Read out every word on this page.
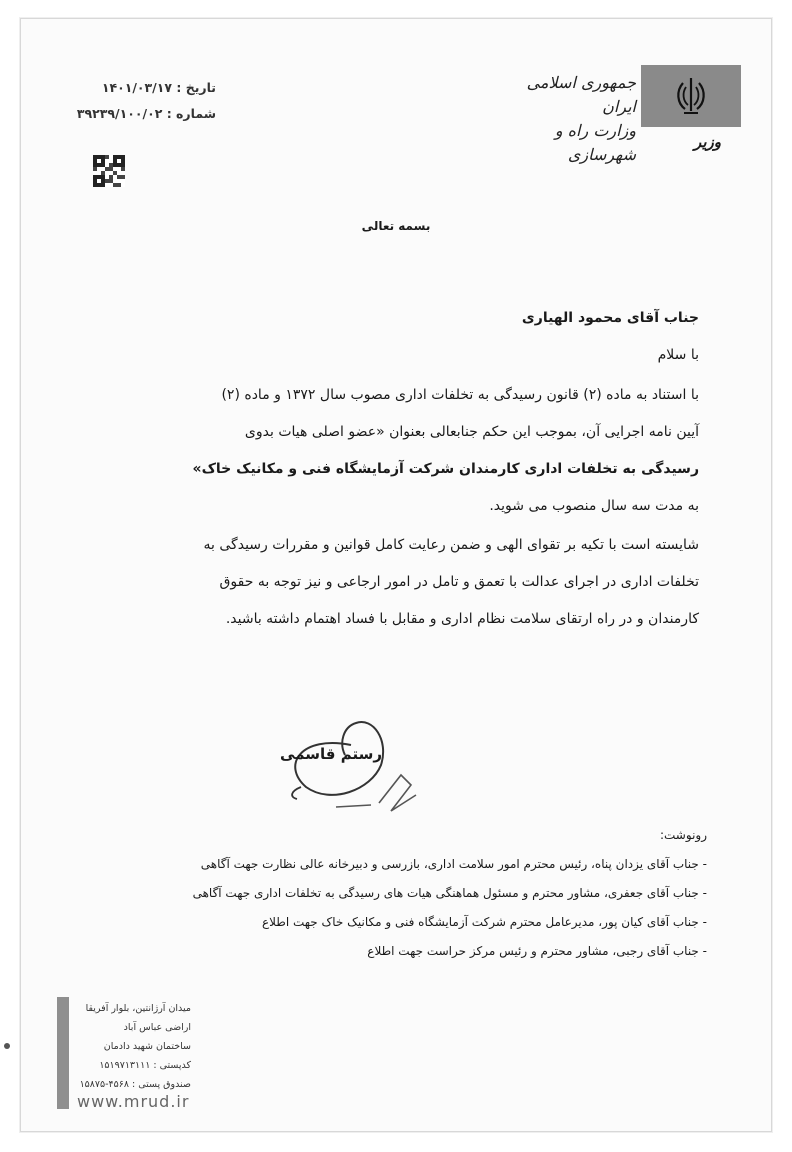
جمهوری اسلامی ایران
وزارت راه و شهرسازی
وزیر
تاریخ : ۱۴۰۱/۰۳/۱۷
شماره : ۳۹۲۳۹/۱۰۰/۰۲
بسمه تعالی
جناب آقای محمود الهیاری
با سلام
با استناد به ماده (۲) قانون رسیدگی به تخلفات اداری مصوب سال ۱۳۷۲ و ماده (۲)
آیین نامه اجرایی آن، بموجب این حکم جنابعالی بعنوان «عضو اصلی هیات بدوی
رسیدگی به تخلفات اداری کارمندان شرکت آزمایشگاه فنی و مکانیک خاک»
به مدت سه سال منصوب می شوید.
شایسته است با تکیه بر تقوای الهی و ضمن رعایت کامل قوانین و مقررات رسیدگی به
تخلفات اداری در اجرای عدالت با تعمق و تامل در امور ارجاعی و نیز توجه به حقوق
کارمندان و در راه ارتقای سلامت نظام اداری و مقابل با فساد اهتمام داشته باشید.
رستم قاسمی
رونوشت:
- جناب آقای یزدان پناه، رئیس محترم امور سلامت اداری، بازرسی و دبیرخانه عالی نظارت جهت آگاهی
- جناب آقای جعفری، مشاور محترم و مسئول هماهنگی هیات های رسیدگی به تخلفات اداری جهت آگاهی
- جناب آقای کیان پور، مدیرعامل محترم شرکت آزمایشگاه فنی و مکانیک خاک جهت اطلاع
- جناب آقای رجبی، مشاور محترم و رئیس مرکز حراست جهت اطلاع
میدان آرژانتین، بلوار آفریقا
اراضی عباس آباد
ساختمان شهید دادمان
کدپستی : ۱۵۱۹۷۱۳۱۱۱
صندوق پستی : ۴۵۶۸-۱۵۸۷۵
www.mrud.ir
